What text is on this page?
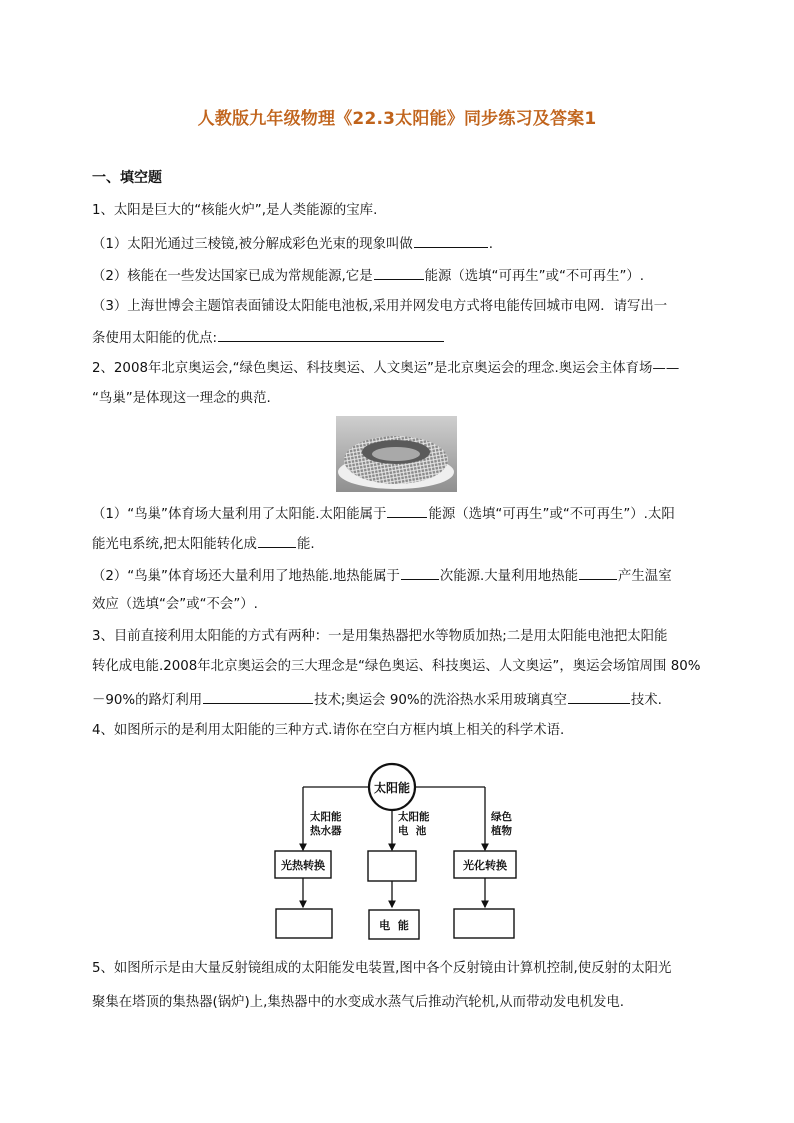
人教版九年级物理《22.3太阳能》同步练习及答案1
一、填空题
1、太阳是巨大的“核能火炉”,是人类能源的宝库.
（1）太阳光通过三棱镜,被分解成彩色光束的现象叫做	.
（2）核能在一些发达国家已成为常规能源,它是	能源（选填“可再生”或“不可再生”）.
（3）上海世博会主题馆表面铺设太阳能电池板,采用并网发电方式将电能传回城市电网．请写出一
条使用太阳能的优点:
2、2008年北京奥运会,“绿色奥运、科技奥运、人文奥运”是北京奥运会的理念.奥运会主体育场——
“鸟巢”是体现这一理念的典范.
（1）“鸟巢”体育场大量利用了太阳能.太阳能属于	能源（选填“可再生”或“不可再生”）.太阳
能光电系统,把太阳能转化成	能.
（2）“鸟巢”体育场还大量利用了地热能.地热能属于	次能源.大量利用地热能	产生温室
效应（选填“会”或“不会”）.
3、目前直接利用太阳能的方式有两种：一是用集热器把水等物质加热;二是用太阳能电池把太阳能
转化成电能.2008年北京奥运会的三大理念是“绿色奥运、科技奥运、人文奥运”，奥运会场馆周围 80%
－90%的路灯利用	技术;奥运会 90%的洗浴热水采用玻璃真空	技术.
4、如图所示的是利用太阳能的三种方式.请你在空白方框内填上相关的科学术语.
太阳能
太阳能
热水器
太阳能
电  池
绿色
植物
光热转换	光化转换
电  能
5、如图所示是由大量反射镜组成的太阳能发电装置,图中各个反射镜由计算机控制,使反射的太阳光
聚集在塔顶的集热器(锅炉)上,集热器中的水变成水蒸气后推动汽轮机,从而带动发电机发电.
